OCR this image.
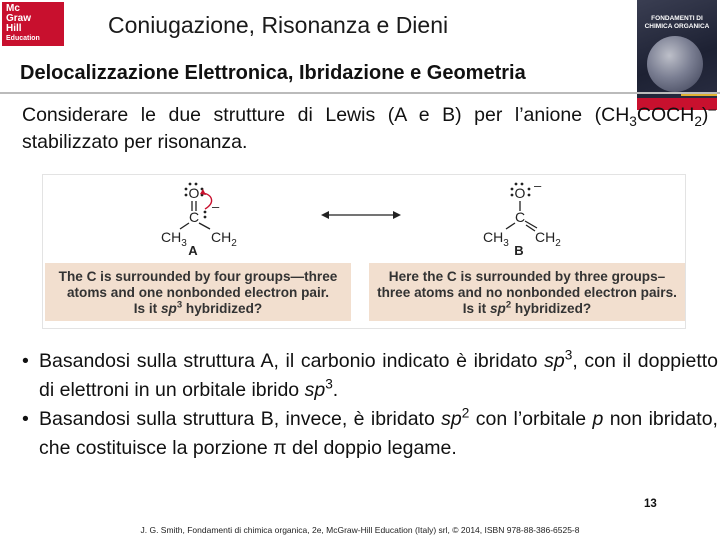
Mc
Graw
Hill
Education
Coniugazione, Risonanza e Dieni	FONDAMENTI DI CHIMICA ORGANICA
Delocalizzazione Elettronica, Ibridazione e Geometria
Considerare le due strutture di Lewis (A e B) per l’anione $(CH_3COCH_2)^-$ stabilizzato per risonanza.
O
C
–
$CH_3$ $CH_2$
A
O –
C
$CH_3$ $CH_2$
B
The C is surrounded by four groups—three
atoms and one nonbonded electron pair.
Is it $sp^3$ hybridized?
Here the C is surrounded by three groups–
three atoms and no nonbonded electron pairs.
Is it $sp^2$ hybridized?
• Basandosi sulla struttura A, il carbonio indicato è ibridato $sp^3$, con il doppietto di elettroni in un orbitale ibrido $sp^3$.
• Basandosi sulla struttura B, invece, è ibridato $sp^2$ con l’orbitale p non ibridato, che costituisce la porzione π del doppio legame.
13
J. G. Smith, Fondamenti di chimica organica, 2e, McGraw-Hill Education (Italy) srl, © 2014, ISBN 978-88-386-6525-8
